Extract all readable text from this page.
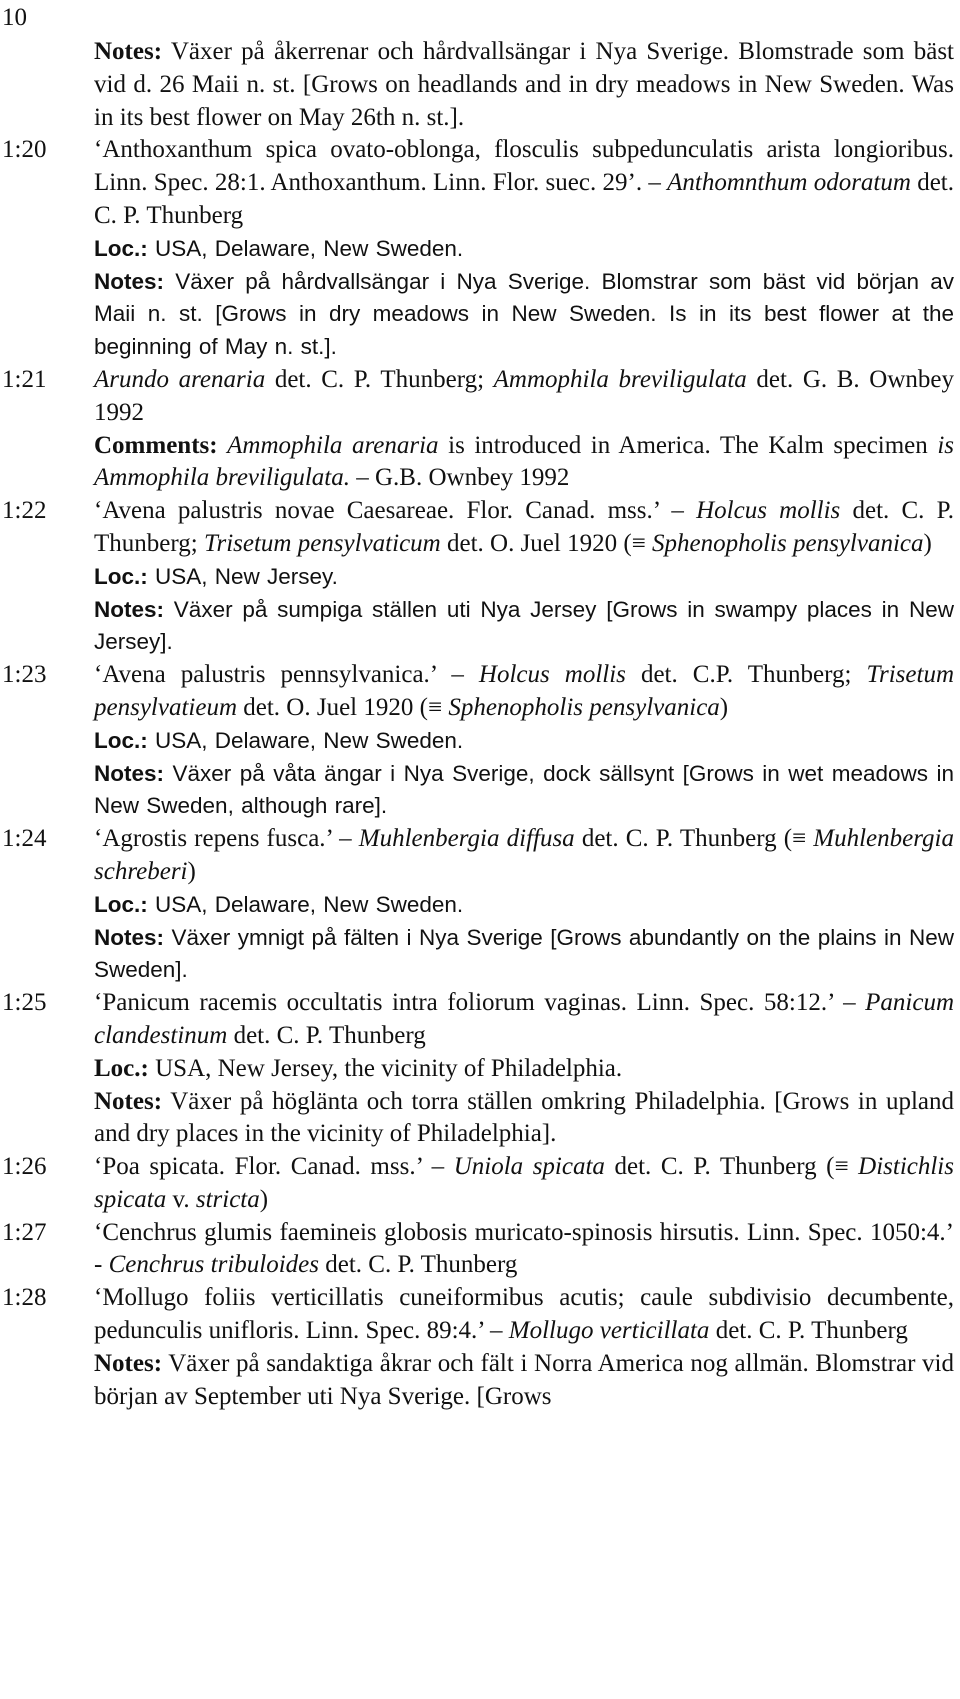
10

Notes: Växer på åkerrenar och hårdvallsängar i Nya Sverige. Blomstrade som bäst vid d. 26 Maii n. st. [Grows on headlands and in dry meadows in New Sweden. Was in its best flower on May 26th n. st.].

1:20	‘Anthoxanthum spica ovato-oblonga, flosculis subpedunculatis arista longioribus. Linn. Spec. 28:1. Anthoxanthum. Linn. Flor. suec. 29’. – Anthomnthum odoratum det. C. P. Thunberg

Loc.: USA, Delaware, New Sweden.

Notes: Växer på hårdvallsängar i Nya Sverige. Blomstrar som bäst vid början av Maii n. st. [Grows in dry meadows in New Sweden. Is in its best flower at the beginning of May n. st.].

1:21	Arundo arenaria det. C. P. Thunberg; Ammophila breviligulata det. G. B. Ownbey 1992

Comments: Ammophila arenaria is introduced in America. The Kalm specimen is Ammophila breviligulata. – G.B. Ownbey 1992

1:22	‘Avena palustris novae Caesareae. Flor. Canad. mss.’ – Holcus mollis det. C. P. Thunberg; Trisetum pensylvaticum det. O. Juel 1920 (≡ Sphenopholis pensylvanica)

Loc.: USA, New Jersey.

Notes: Växer på sumpiga ställen uti Nya Jersey [Grows in swampy places in New Jersey].

1:23	‘Avena palustris pennsylvanica.’ – Holcus mollis det. C.P. Thunberg; Trisetum pensylvatieum det. O. Juel 1920 (≡ Sphenopholis pensylvanica)

Loc.: USA, Delaware, New Sweden.

Notes: Växer på våta ängar i Nya Sverige, dock sällsynt [Grows in wet meadows in New Sweden, although rare].

1:24	‘Agrostis repens fusca.’ – Muhlenbergia diffusa det. C. P. Thunberg (≡ Muhlenbergia schreberi)

Loc.: USA, Delaware, New Sweden.

Notes: Växer ymnigt på fälten i Nya Sverige [Grows abundantly on the plains in New Sweden].

1:25	‘Panicum racemis occultatis intra foliorum vaginas. Linn. Spec. 58:12.’ – Panicum clandestinum det. C. P. Thunberg

Loc.: USA, New Jersey, the vicinity of Philadelphia.

Notes: Växer på högläntа och torra ställen omkring Philadelphia. [Grows in upland and dry places in the vicinity of Philadelphia].

1:26	‘Poa spicata. Flor. Canad. mss.’ – Uniola spicata det. C. P. Thunberg (≡ Distichlis spicata v. stricta)

1:27	‘Cenchrus glumis faemineis globosis muricato-spinosis hirsutis. Linn. Spec. 1050:4.’ - Cenchrus tribuloides det. C. P. Thunberg

1:28	‘Mollugo foliis verticillatis cuneiformibus acutis; caule subdivisio decumbente, pedunculis unifloris. Linn. Spec. 89:4.’ – Mollugo verticillata det. C. P. Thunberg

Notes: Växer på sandaktiga åkrar och fält i Norra America nog allmän. Blomstrar vid början av September uti Nya Sverige. [Grows
